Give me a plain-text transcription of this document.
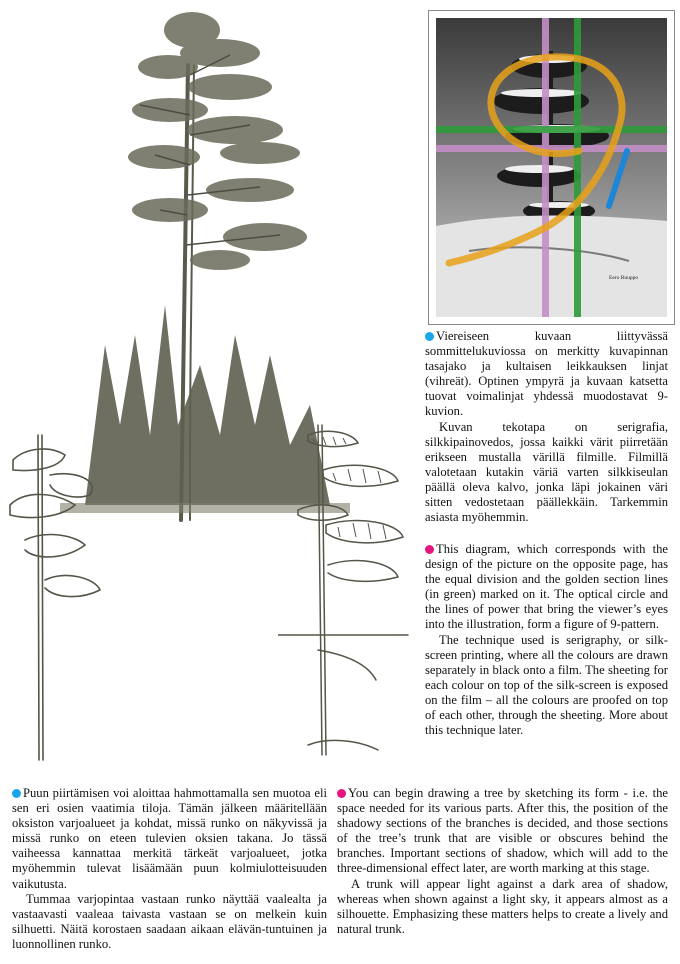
Eero Ruuppo

Viereiseen kuvaan liittyvässä sommittelukuviossa on merkitty kuvapinnan tasajako ja kultaisen leikkauksen linjat (vihreät). Optinen ympyrä ja kuvaan katsetta tuovat voimalinjat yhdessä muodostavat 9-kuvion.

Kuvan tekotapa on serigrafia, silkkipainovedos, jossa kaikki värit piirretään erikseen mustalla värillä filmille. Filmillä valotetaan kutakin väriä varten silkkiseulan päällä oleva kalvo, jonka läpi jokainen väri sitten vedostetaan päällekkäin. Tarkemmin asiasta myöhemmin.

This diagram, which corresponds with the design of the picture on the opposite page, has the equal division and the golden section lines (in green) marked on it. The optical circle and the lines of power that bring the viewer’s eyes into the illustration, form a figure of 9-pattern.

The technique used is serigraphy, or silk-screen printing, where all the colours are drawn separately in black onto a film. The sheeting for each colour on top of the silk-screen is exposed on the film – all the colours are proofed on top of each other, through the sheeting. More about this technique later.

Puun piirtämisen voi aloittaa hahmottamalla sen muotoa eli sen eri osien vaatimia tiloja. Tämän jälkeen määritellään oksiston varjoalueet ja kohdat, missä runko on näkyvissä ja missä runko on eteen tulevien oksien takana. Jo tässä vaiheessa kannattaa merkitä tärkeät varjoalueet, jotka myöhemmin tulevat lisäämään puun kolmiulotteisuuden vaikutusta.

Tummaa varjopintaa vastaan runko näyttää vaalealta ja vastaavasti vaaleaa taivasta vastaan se on melkein kuin silhuetti. Näitä korostaen saadaan aikaan elävän-tuntuinen ja luonnollinen runko.

You can begin drawing a tree by sketching its form - i.e. the space needed for its various parts. After this, the position of the shadowy sections of the branches is decided, and those sections of the tree’s trunk that are visible or obscures behind the branches. Important sections of shadow, which will add to the three-dimensional effect later, are worth marking at this stage.

A trunk will appear light against a dark area of shadow, whereas when shown against a light sky, it appears almost as a silhouette. Emphasizing these matters helps to create a lively and natural trunk.
